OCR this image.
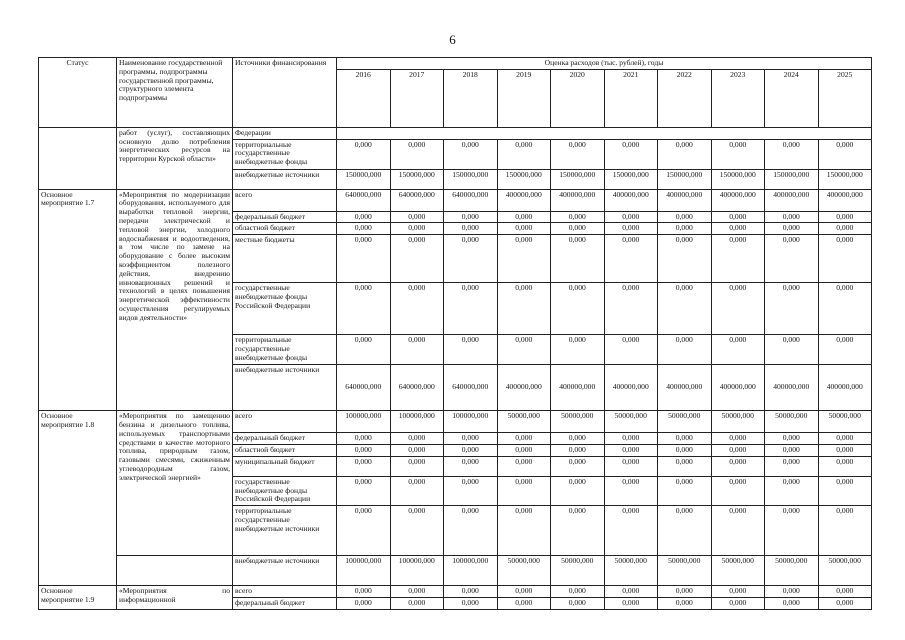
6
Статус	Наименование государственной программы, подпрограммы государственной программы, структурного элемента подпрограммы	Источники финансирования	Оценка расходов (тыс. рублей), годы									
			2016	2017	2018	2019	2020	2021	2022	2023	2024	2025
	работ (услуг), составляющих основную долю потребления энергетических ресурсов на территории Курской области»	Федерации										
		территориальные государственные внебюджетные фонды	0,000	0,000	0,000	0,000	0,000	0,000	0,000	0,000	0,000	0,000
		внебюджетные источники	150000,000	150000,000	150000,000	150000,000	150000,000	150000,000	150000,000	150000,000	150000,000	150000,000
Основное мероприятие 1.7	«Мероприятия по модернизации оборудования, используемого для выработки тепловой энергии, передачи электрической и тепловой энергии, холодного водоснабжения и водоотведения, в том числе по замене на оборудование с более высоким коэффициентом полезного действия, внедрению инновационных решений и технологий в целях повышения энергетической эффективности осуществления регулируемых видов деятельности»	всего	640000,000	640000,000	640000,000	400000,000	400000,000	400000,000	400000,000	400000,000	400000,000	400000,000
		федеральный бюджет	0,000	0,000	0,000	0,000	0,000	0,000	0,000	0,000	0,000	0,000
		областной бюджет	0,000	0,000	0,000	0,000	0,000	0,000	0,000	0,000	0,000	0,000
		местные бюджеты	0,000	0,000	0,000	0,000	0,000	0,000	0,000	0,000	0,000	0,000
		государственные внебюджетные фонды Российской Федерации	0,000	0,000	0,000	0,000	0,000	0,000	0,000	0,000	0,000	0,000
		территориальные государственные внебюджетные фонды	0,000	0,000	0,000	0,000	0,000	0,000	0,000	0,000	0,000	0,000
		внебюджетные источники	640000,000	640000,000	640000,000	400000,000	400000,000	400000,000	400000,000	400000,000	400000,000	400000,000
Основное мероприятие 1.8	«Мероприятия по замещению бензина и дизельного топлива, используемых транспортными средствами в качестве моторного топлива, природным газом, газовыми смесями, сжиженным углеводородным газом, электрической энергией»	всего	100000,000	100000,000	100000,000	50000,000	50000,000	50000,000	50000,000	50000,000	50000,000	50000,000
		федеральный бюджет	0,000	0,000	0,000	0,000	0,000	0,000	0,000	0,000	0,000	0,000
		областной бюджет	0,000	0,000	0,000	0,000	0,000	0,000	0,000	0,000	0,000	0,000
		муниципальный бюджет	0,000	0,000	0,000	0,000	0,000	0,000	0,000	0,000	0,000	0,000
		государственные внебюджетные фонды Российской Федерации	0,000	0,000	0,000	0,000	0,000	0,000	0,000	0,000	0,000	0,000
		территориальные государственные внебюджетные источники	0,000	0,000	0,000	0,000	0,000	0,000	0,000	0,000	0,000	0,000
		внебюджетные источники	100000,000	100000,000	100000,000	50000,000	50000,000	50000,000	50000,000	50000,000	50000,000	50000,000
Основное мероприятие 1.9	«Мероприятия по информационной	всего	0,000	0,000	0,000	0,000	0,000	0,000	0,000	0,000	0,000	0,000
		федеральный бюджет	0,000	0,000	0,000	0,000	0,000	0,000	0,000	0,000	0,000	0,000
